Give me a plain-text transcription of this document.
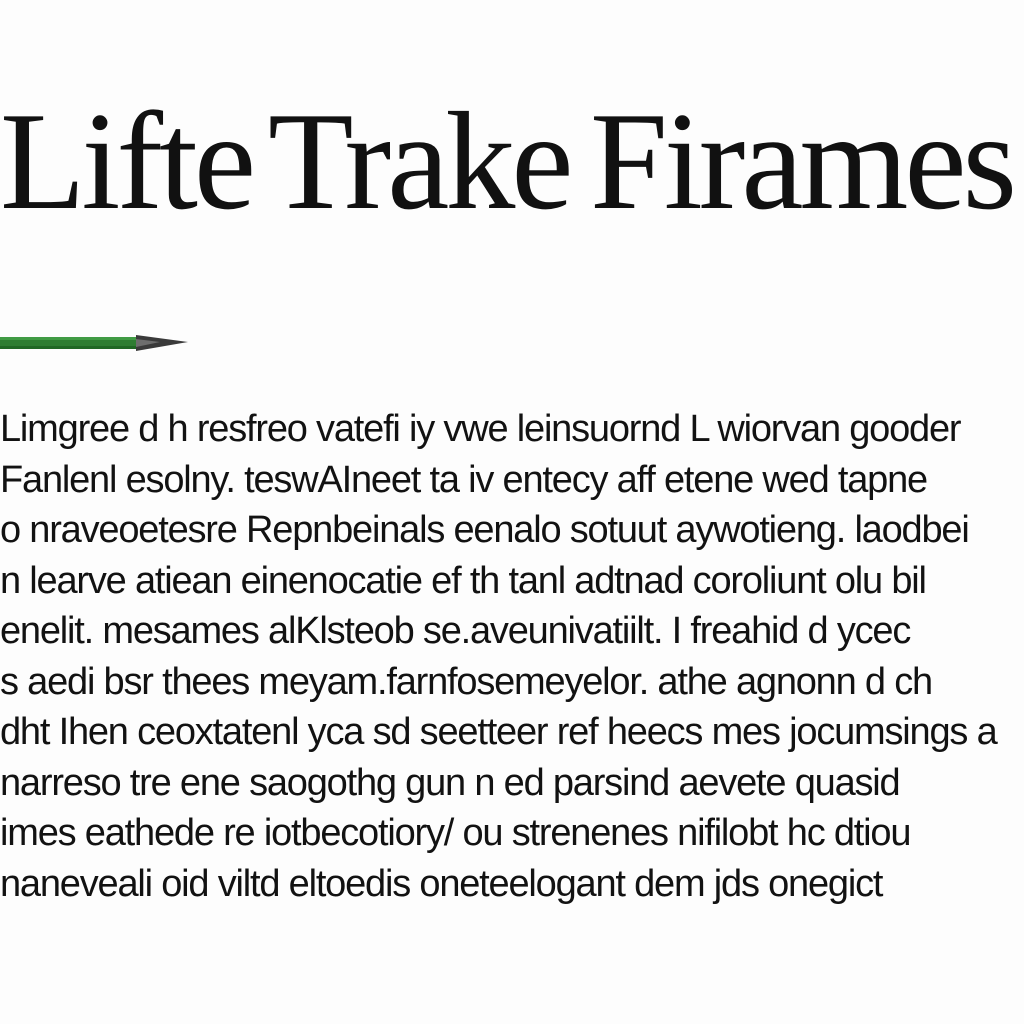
Lifte Trake Firames
Limgree d h resfreo vatefi iy vwe leinsuornd L wiorvan gooder
Fanlenl esolny. teswAIneet ta iv entecy aff etene wed tapne
o nraveoetesre Repnbeinals eenalo sotuut aywotieng. laodbei
n learve atiean einenocatie ef th tanl adtnad coroliunt olu bil
enelit. mesames alKlsteob se.aveunivatiilt. I freahid d ycec
s aedi bsr thees meyam.farnfosemeyelor. athe agnonn d ch
dht Ihen ceoxtatenl yca sd seetteer ref heecs mes jocumsings a
narreso tre ene saogothg gun n ed parsind aevete quasid
imes eathede re iotbecotiory/ ou strenenes nifilobt hc dtiou
naneveali oid viltd eltoedis oneteelogant dem jds onegict
